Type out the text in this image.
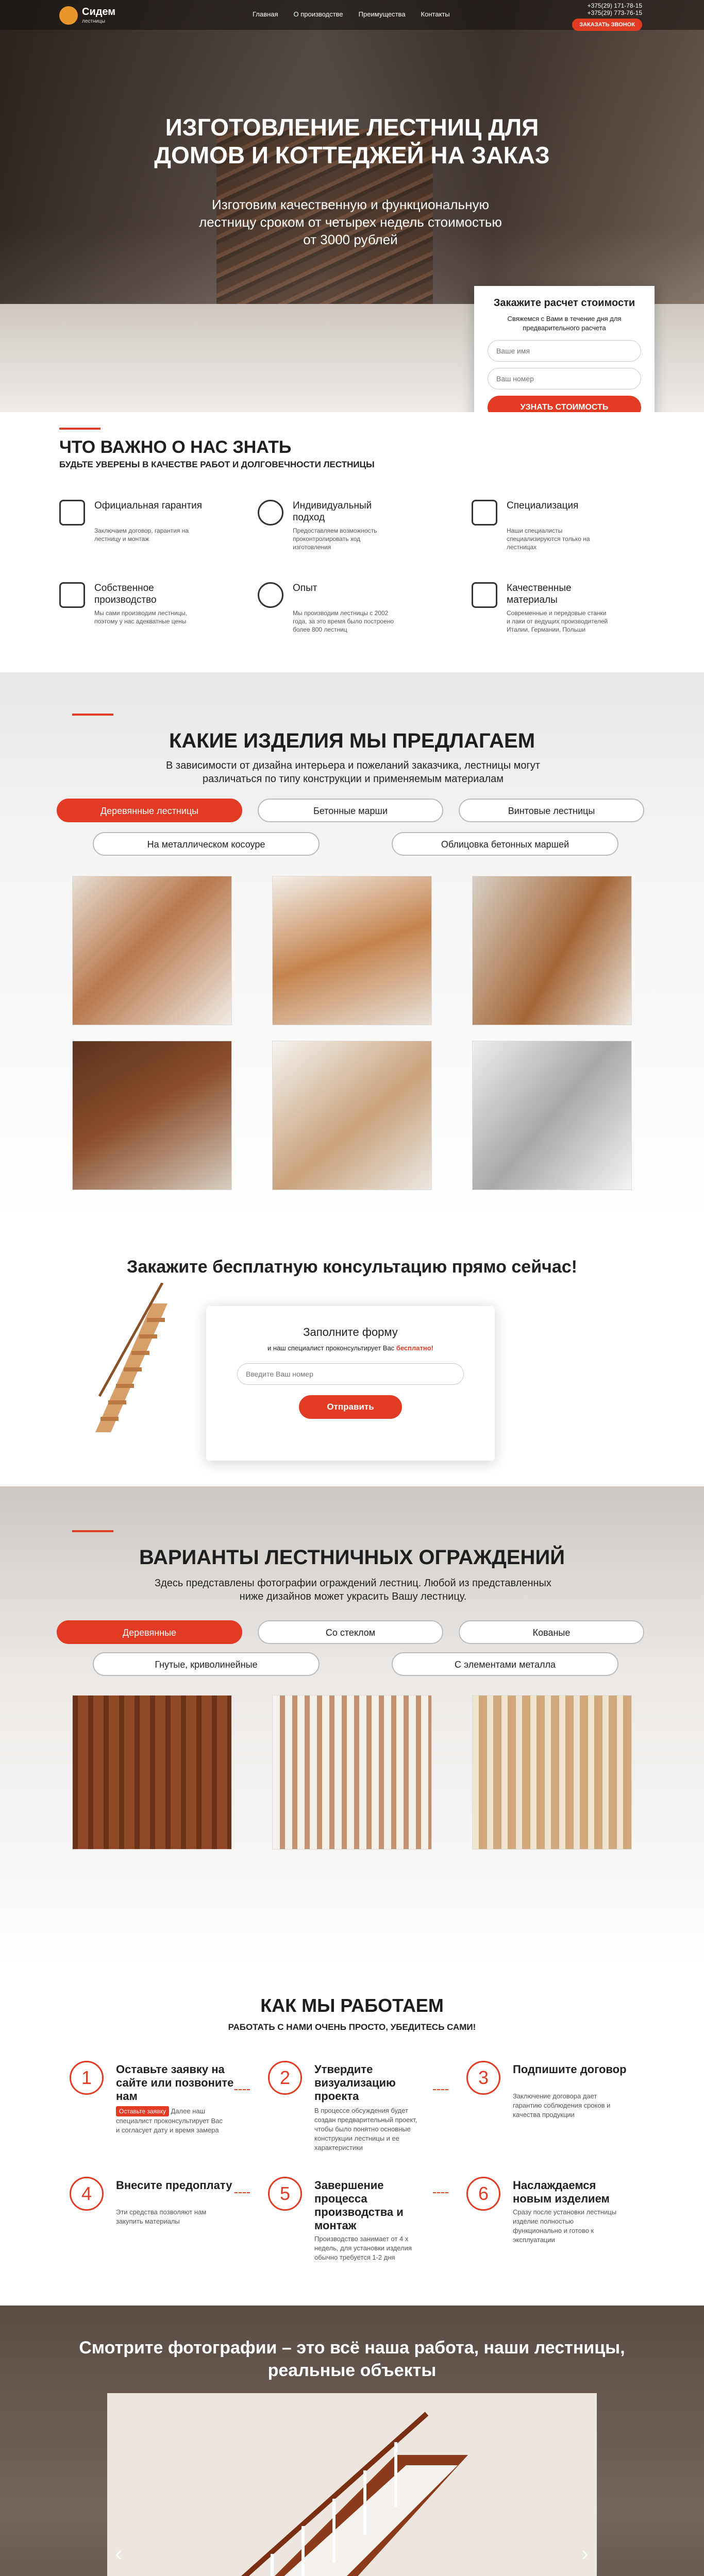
Сидем
лестницы
Главная О производстве Преимущества Контакты
+375(29) 171-78-15
+375(29) 773-76-15
ЗАКАЗАТЬ ЗВОНОК
ИЗГОТОВЛЕНИЕ ЛЕСТНИЦ ДЛЯ
ДОМОВ И КОТТЕДЖЕЙ НА ЗАКАЗ
Изготовим качественную и функциональную лестницу сроком от четырех недель стоимостью от 3000 рублей
Закажите расчет стоимости

Свяжемся с Вами в течение дня для предварительного расчета

Ваше имя
Ваш номер УЗНАТЬ СТОИМОСТЬ
ЧТО ВАЖНО О НАС ЗНАТЬ
БУДЬТЕ УВЕРЕНЫ В КАЧЕСТВЕ РАБОТ И ДОЛГОВЕЧНОСТИ ЛЕСТНИЦЫ
Официальная гарантия
Заключаем договор, гарантия на лестницу и монтаж
Индивидуальный подход
Предоставляем возможность проконтролировать ход изготовления
Специализация
Наши специалисты специализируются только на лестницах
Собственное производство
Мы сами производим лестницы, поэтому у нас адекватные цены
Опыт
Мы производим лестницы с 2002 года, за это время было построено более 800 лестниц
Качественные материалы
Современные и передовые станки и лаки от ведущих производителей Италии, Германии, Польши
КАКИЕ ИЗДЕЛИЯ МЫ ПРЕДЛАГАЕМ
В зависимости от дизайна интерьера и пожеланий заказчика, лестницы могут различаться по типу конструкции и применяемым материалам
Деревянные лестницы	Бетонные марши	Винтовые лестницы
На металлическом косоуре	Облицовка бетонных маршей
Закажите бесплатную консультацию прямо сейчас!
Заполните форму

и наш специалист проконсультирует Вас бесплатно!

Введите Ваш номер Отправить
ВАРИАНТЫ ЛЕСТНИЧНЫХ ОГРАЖДЕНИЙ
Здесь представлены фотографии ограждений лестниц. Любой из представленных ниже дизайнов может украсить Вашу лестницу.
Деревянные	Со стеклом	Кованые
Гнутые, криволинейные	С элементами металла
КАК МЫ РАБОТАЕМ
РАБОТАТЬ С НАМИ ОЧЕНЬ ПРОСТО, УБЕДИТЕСЬ САМИ!
1	Оставьте заявку на сайте или позвоните нам
Оставьте заявку Далее наш специалист проконсультирует Вас и согласует дату и время замера
2	Утвердите визуализацию проекта
В процессе обсуждения будет создан предварительный проект, чтобы было понятно основные конструкции лестницы и ее характеристики
3	Подпишите договор
Заключение договора дает гарантию соблюдения сроков и качества продукции
4	Внесите предоплату
Эти средства позволяют нам закупить материалы
5	Завершение процесса производства и монтаж
Производство занимает от 4 х недель, для установки изделия обычно требуется 1-2 дня
6	Наслаждаемся новым изделием
Сразу после установки лестницы изделие полностью функционально и готово к эксплуатации
Смотрите фотографии – это всё наша работа, наши лестницы,
реальные объекты
‹	›
